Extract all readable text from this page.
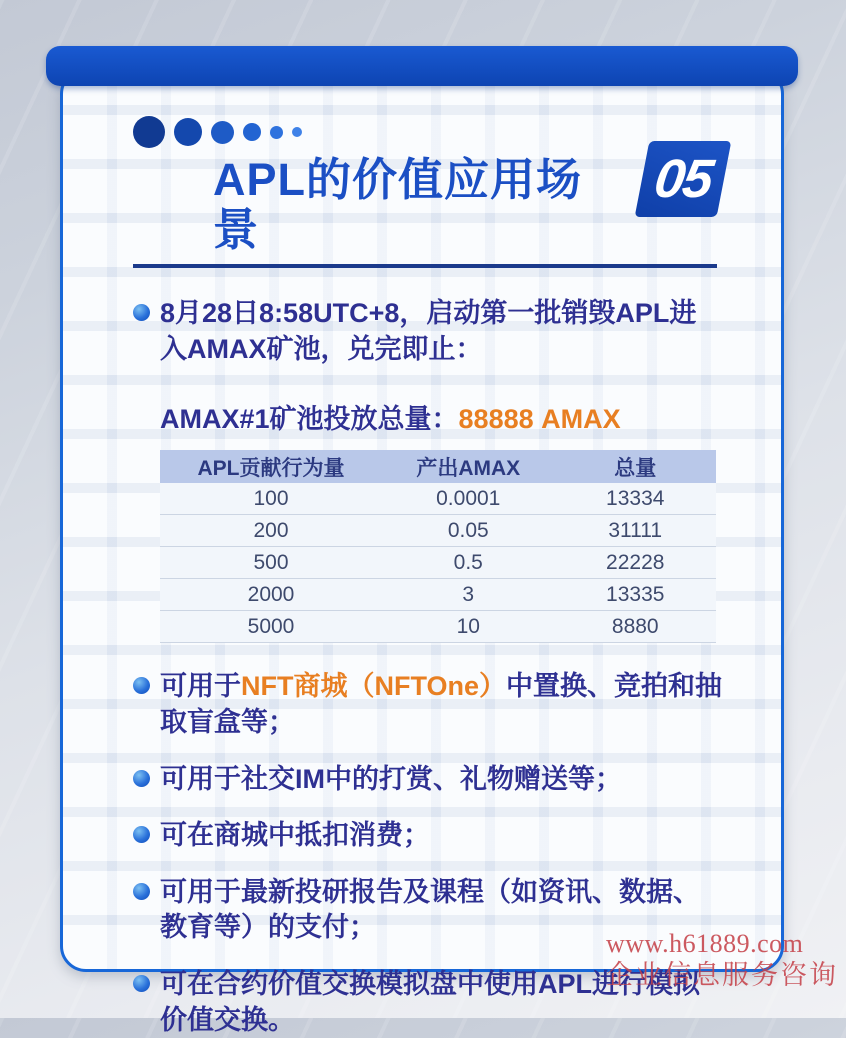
APL的价值应用场景
05

8月28日8:58UTC+8，启动第一批销毁APL进入AMAX矿池，兑完即止：

AMAX#1矿池投放总量：88888 AMAX

APL贡献行为量	产出AMAX	总量
100	0.0001	13334
200	0.05	31111
500	0.5	22228
2000	3	13335
5000	10	8880

可用于NFT商城（NFTOne）中置换、竞拍和抽取盲盒等；

可用于社交IM中的打赏、礼物赠送等；

可在商城中抵扣消费；

可用于最新投研报告及课程（如资讯、数据、教育等）的支付；

可在合约价值交换模拟盘中使用APL进行模拟价值交换。

www.h61889.com
企业信息服务咨询
